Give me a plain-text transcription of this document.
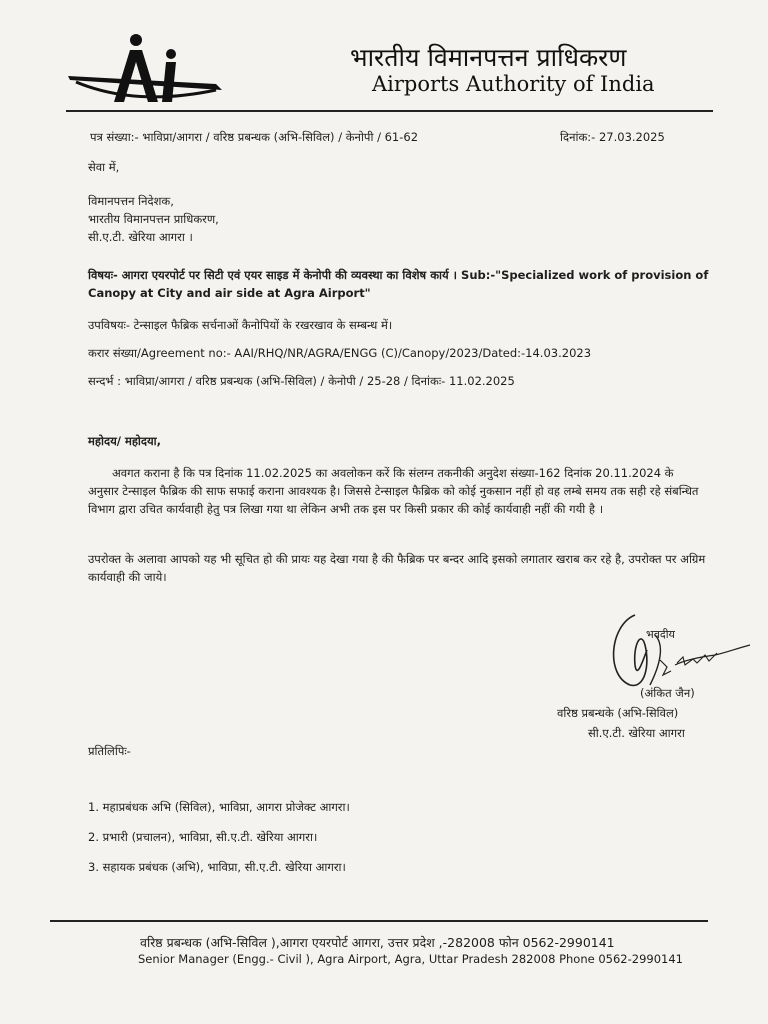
भारतीय विमानपत्तन प्राधिकरण
Airports Authority of India
पत्र संख्या:- भाविप्रा/आगरा / वरिष्ठ प्रबन्धक (अभि-सिविल) / केनोपी / 61-62	दिनांक:- 27.03.2025
सेवा में,
विमानपत्तन निदेशक,
भारतीय विमानपत्तन प्राधिकरण,
सी.ए.टी. खेरिया आगरा ।
विषयः- आगरा एयरपोर्ट पर सिटी एवं एयर साइड में केनोपी की व्यवस्था का विशेष कार्य । Sub:-"Specialized work of provision of Canopy at City and air side at Agra Airport"
उपविषयः- टेन्साइल फैब्रिक सर्चनाओं कैनोपियों के रखरखाव के सम्बन्ध में।
करार संख्या/Agreement no:- AAI/RHQ/NR/AGRA/ENGG (C)/Canopy/2023/Dated:-14.03.2023
सन्दर्भ : भाविप्रा/आगरा / वरिष्ठ प्रबन्धक (अभि-सिविल) / केनोपी / 25-28 / दिनांकः- 11.02.2025
महोदय/ महोदया,
अवगत कराना है कि पत्र दिनांक 11.02.2025 का अवलोकन करें कि संलग्न तकनीकी अनुदेश संख्या-162 दिनांक 20.11.2024 के अनुसार टेन्साइल फैब्रिक की साफ सफाई कराना आवश्यक है। जिससे टेन्साइल फैब्रिक को कोई नुकसान नहीं हो वह लम्बे समय तक सही रहे संबन्धित विभाग द्वारा उचित कार्यवाही हेतु पत्र लिखा गया था लेकिन अभी तक इस पर किसी प्रकार की कोई कार्यवाही नहीं की गयी है ।
उपरोक्त के अलावा आपको यह भी सूचित हो की प्रायः यह देखा गया है की फैब्रिक पर बन्दर आदि इसको लगातार खराब कर रहे है, उपरोक्त पर अग्रिम कार्यवाही की जाये।
भवदीय
(अंकित जैन)
वरिष्ठ प्रबन्धके (अभि-सिविल)
सी.ए.टी. खेरिया आगरा
प्रतिलिपिः-
1. महाप्रबंधक अभि (सिविल), भाविप्रा, आगरा प्रोजेक्ट आगरा।
2. प्रभारी (प्रचालन), भाविप्रा, सी.ए.टी. खेरिया आगरा।
3. सहायक प्रबंधक (अभि), भाविप्रा, सी.ए.टी. खेरिया आगरा।
वरिष्ठ प्रबन्धक (अभि-सिविल ),आगरा एयरपोर्ट आगरा, उत्तर प्रदेश ,-282008 फोन 0562-2990141
Senior Manager (Engg.- Civil ), Agra Airport, Agra, Uttar Pradesh 282008 Phone 0562-2990141
